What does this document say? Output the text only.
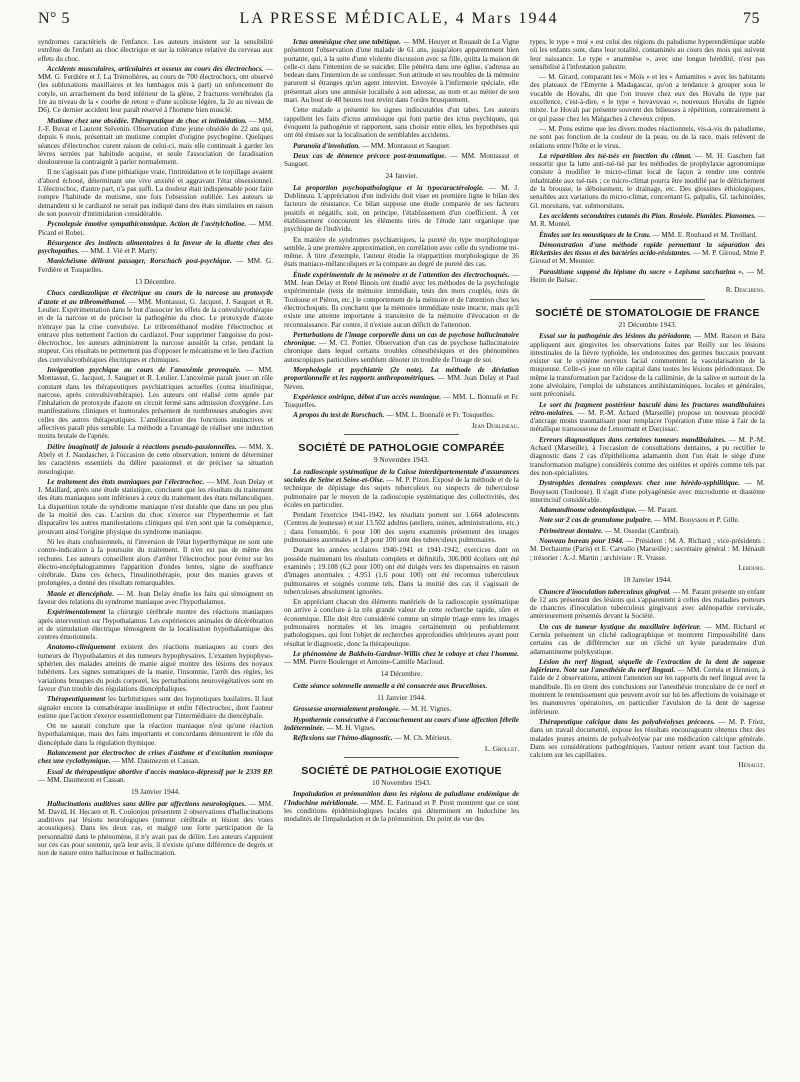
N° 5	LA PRESSE MÉDICALE, 4 Mars 1944	75

syndromes caractériels de l'enfance. Les auteurs insistent sur la sensibilité extrême de l'enfant au choc électrique et sur la tolérance relative du cerveau aux effets du choc.

Accidents musculaires, articulaires et osseux au cours des électrochocs. — MM. G. Ferdière et J. La Trémolières, au cours de 700 électrochocs, ont observé (les subluxations maxillaires et les lumbagos mis à part) un enfoncement du cotyle, un arrachement du bord inférieur de la glène, 2 fractures vertébrales (la 1re au niveau de la « courbe de retour » d'une scoliose légère, la 2e au niveau de D6). Ce dernier accident leur paraît réservé à l'homme bien musclé.

Mutisme chez une obsédée. Thérapeutique de choc et intimidation. — MM. J.-F. Buvat et Laurent Stévenin. Observation d'une jeune obsédée de 22 ans qui, depuis 6 mois, présentait un mutisme complet d'origine psychogène. Quelques séances d'électrochoc curent raison de celui-ci, mais elle continuait à garder les lèvres serrées par habitude acquise, et seule l'association de faradisation douloureuse la contraignit à parler normalement.

Il ne s'agissait pas d'une pithiatique vraie, l'intimidation et le torpillage avaient d'abord échoué, déterminant une vive anxiété et aggravant l'état obsessionnel. L'électrochoc, d'autre part, n'a pas suffi. La douleur était indispensable pour faire rompre l'habitude de mutisme, une fois l'obsession oubliée. Les auteurs se demandent si le cardiazol ne serait pas indiqué dans des états similaires en raison de son pouvoir d'intimidation considérable.

Pycnolepsie émotive sympathicotonique. Action de l'acétylcholine. — MM. Picard et Robet.

Résurgence des instincts alimentaires à la faveur de la disette chez des psychopathes. — MM. J. Vié et P. Marty.

Manichéisme délirant passager, Rorschach post-psychique. — MM. G. Ferdière et Tosquelles.

13 Décembre.

Chocs cardiazolique et électrique au cours de la narcose au protoxyde d'azote et au tribrométhanol. — MM. Montassut, G. Jacquot, J. Sauguet et R. Leulier. Expérimentation dans le but d'associer les effets de la convulsivothérapie et de la narcose et de préciser la pathogénie du choc. Le protoxyde d'azote n'enraye pas la crise convulsive. Le tribrométhanol modère l'électrochoc et entrave plus nettement l'action du cardiazol. Pour supprimer l'angoisse du post-électrochoc, les auteurs administrent la narcose aussitôt la crise, pendant la stupeur. Ces résultats ne permettent pas d'opposer le mécanisme et le lieu d'action des convulsivothérapies électriques et chimiques.

Invigoration psychique au cours de l'anoxémie provoquée. — MM. Montassut, G. Jacquot, J. Sauguet et R. Leulier. L'anoxémie paraît jouer un rôle constant dans les thérapeutiques psychiatriques actuelles (coma insulinique, narcose, après convulsivothérapie). Les auteurs ont réalisé cette apnée par l'inhalation de protoxyde d'azote en circuit fermé sans admission d'oxygène. Les manifestations cliniques et humorales présentent de nombreuses analogies avec celles des autres thérapeutiques. L'amélioration des fonctions instinctives et affectives paraît plus sensible. La méthode a l'avantage de réaliser une induction moins brutale de l'apnée.

Délire imaginatif de jalousie à réactions pseudo-passionnelles. — MM. X. Abely et J. Naudascher, à l'occasion de cette observation, tentent de déterminer les caractères essentiels du délire passionnel et de préciser sa situation nosologique.

Le traitement des états maniaques par l'électrochoc. — MM. Jean Delay et J. Maillard, après une étude statistique, concluent que les résultats du traitement des états maniaques sont inférieurs à ceux du traitement des états mélancoliques. La disparition totale du syndrome maniaque n'est durable que dans un peu plus de la moitié des cas. L'action du choc s'exerce sur l'hyperthermie et fait disparaître les autres manifestations cliniques qui n'en sont que la conséquence, prouvant ainsi l'origine physique du syndrome maniaque.

Ni les états confusionnels, ni l'inversion de l'état hyperthymique ne sont une contre-indication à la poursuite du traitement. Il n'en est pas de même des rechutes. Les auteurs conseillent alors d'arrêter l'électrochoc pour éviter sur les électro-encéphalogrammes l'apparition d'ondes lentes, signe de souffrance cérébrale. Dans ces échecs, l'insulinothérapie, pour des manies graves et prolongées, a donné des résultats remarquables.

Manie et diencéphale. — M. Jean Delay étudie les faits qui témoignent en faveur des relations du syndrome maniaque avec l'hypothalamus.

Expérimentalement la chirurgie cérébrale montre des réactions maniaques après intervention sur l'hypothalamus. Les expériences animales de décérébration et de stimulation électrique témoignent de la localisation hypothalamique des centres émotionnels.

Anatomo-cliniquement existent des réactions maniaques au cours des tumeurs de l'hypothalamus et des tumeurs hypophysaires. L'examen hypophyso-sphérien des malades atteints de manie aiguë montre des lésions des noyaux tubériens. Les signes somatiques de la manie, l'insomnie, l'arrêt des règles, les variations brusques du poids corporel, les perturbations neurovégétatives sont en faveur d'un trouble des régulations diencéphaliques.

Thérapeutiquement les barbituriques sont des hypnotiques basilaires. Il faut signaler encore la comathérapie insulinique et enfin l'électrochoc, dont l'auteur estime que l'action s'exerce essentiellement par l'intermédiaire du diencéphale.

On ne saurait conclure que la réaction maniaque n'est qu'une réaction hypothalamique, mais des faits importants et concordants démontrent le rôle du diencéphale dans la régulation thymique.

Balancement par électrochoc de crises d'asthme et d'excitation maniaque chez une cyclothymique. — MM. Daumezon et Cassan.

Essai de thérapeutique abortive d'accès maniaco-dépressif par le 2339 RP. — MM. Daumezon et Cassan.

19 Janvier 1944.

Hallucinations auditives sans délire par affections neurologiques. — MM. M. David, H. Hecaen et R. Coulonjou présentent 2 observations d'hallucinations auditives par lésions neurologiques (tumeur cérébrale et lésion des voies acoustiques). Dans les deux cas, et malgré une forte participation de la personnalité dans le phénomène, il n'y avait pas de délire. Les auteurs s'appuient sur ces cas pour soutenir, qu'à leur avis, il n'existe qu'une différence de degrés et non de nature entre hallucinose et hallucination.

Ictus amnésique chez une tabétique. — MM. Heuyer et Rouault de La Vigne présentent l'observation d'une malade de 61 ans, jusqu'alors apparemment bien portante, qui, à la suite d'une violente discussion avec sa fille, quitta la maison de celle-ci dans l'intention de se suicider. Elle pénétra dans une église, s'adressa au bedeau dans l'intention de se confesser. Son attitude et ses troubles de la mémoire parurent si étranges qu'un agent intervint. Envoyée à l'infirmerie spéciale, elle présentait alors une amnésie localisée à son adresse, au nom et au métier de son mari. Au bout de 48 heures tout revint dans l'ordre brusquement.

Cette malade a présenté les signes indiscutables d'un tabes. Les auteurs rappellent les faits d'ictus amnésique qui font partie des ictus psychiques, qui évoquent la pathogénie et rapportent, sans choisir entre elles, les hypothèses qui ont été émises sur la localisation de semblables accidents.

Paranoïa d'involution. — MM. Montassut et Sauguet.

Deux cas de démence précoce post-traumatique. — MM. Montassut et Sauguet.

24 Janvier.

La proportion psychopathologique et la typocaractérologie. — M. J. Dublineau. L'appréciation d'un individu doit viser en première ligne le bilan des facteurs de résistance. Ce bilan suppose une étude comparée de ses facteurs positifs et négatifs, soit, en principe, l'établissement d'un coefficient. À cet établissement concourent les éléments tirés de l'étude tant organique que psychique de l'individu.

En matière de syndromes psychiatriques, la pureté du type morphologique semble, à une première approximation, en corrélation avec celle du syndrome mi-même. À titre d'exemple, l'auteur étudie la réapparition morphologique de 36 états maniaco-mélancoliques et la compare au degré de pureté des cas.

Étude expérimentale de la mémoire et de l'attention des électrochoqués. — MM. Jean Delay et René Binois ont étudié avec les méthodes de la psychologie expérimentale (tests de mémoire immédiate, tests des mots couplés, tests de Toulouse et Piéron, etc.) le comportement de la mémoire et de l'attention chez les électrochoqués. Ils concluent que la mémoire immédiate reste intacte, mais qu'il existe une atteinte importante à transitoire de la mémoire d'évocation et de reconnaissance. Par contre, il n'existe aucun déficit de l'attention.

Perturbations de l'image corporelle dans un cas de psychose hallucinatoire chronique. — M. Cl. Pottier. Observation d'un cas de psychose hallucinatoire chronique dans lequel certains troubles cénesthésiques et des phénomènes autoscopiques particuliers semblent dénoter un trouble de l'image de soi.

Morphologie et psychiatrie (2e note). La méthode de déviation proportionnelle et les rapports anthropométriques. — MM. Jean Delay et Paul Neveu.

Expérience onirique, début d'un accès maniaque. — MM. L. Bonnafé et Fr. Tosquelles.

A propos du test de Rorschach. — MM. L. Bonnafé et Fr. Tosquelles.

Jean Dublineau.
SOCIÉTÉ DE PATHOLOGIE COMPARÉE
9 Novembre 1943.

La radioscopie systématique de la Caisse interdépartementale d'assurances sociales de Seine et Seine-et-Oise. — M. P. Pizon. Exposé de la méthode et de la technique de dépistage des sujets tuberculeux ou suspects de tuberculose pulmonaire par le moyen de la radioscopie systématique des collectivités, des écoles en particulier.

Pendant l'exercice 1941-1942, les résultats portent sur 1.664 adolescents (Centres de jeunesse) et sur 13.502 adultes (ateliers, usines, administrations, etc.) ; dans l'ensemble, 6 pour 100 des sujets examinés présentent des images pulmonaires anormales et 1,8 pour 100 sont des tuberculeux pulmonaires.

Durant les années scolaires 1940-1941 et 1941-1942, exercices dont on possède maintenant les résultats complets et définitifs, 306.000 écoliers ont été examinés ; 19.108 (6,2 pour 100) ont été dirigés vers les dispensaires en raison d'images anormales ; 4.951 (1,6 pour 100) ont été reconnus tuberculeux pulmonaires et soignés comme tels. Dans la moitié des cas il s'agissait de tuberculoses absolument ignorées.

En appréciant chacun des éléments matériels de la radioscopie systématique on arrive à conclure à la très grande valeur de cette recherche rapide, sûre et économique. Elle doit être considérée comme un simple triage entre les images pulmonaires normales et les images certainement ou probablement pathologiques, qui font l'objet de recherches approfondies ultérieures ayant pour résultat le diagnostic, donc la thérapeutique.

Le phénomène de Baldwin-Gardner-Willis chez le cobaye et chez l'homme. — MM. Pierre Boulenger et Antoine-Camille Macloud.

14 Décembre.

Cette séance solennelle annuelle a été consacrée aux Brucelloses.

11 Janvier 1944.

Grossesse anormalement prolongée. — M. H. Vignes.

Hypothermie consécutive à l'accouchement au cours d'une affection fébrile indéterminée. — M. H. Vignes.

Réflexions sur l'hémo-diagnostic. — M. Ch. Mérieux.

L. Grollet.
SOCIÉTÉ DE PATHOLOGIE EXOTIQUE
10 Novembre 1943.

Impaludation et prémunition dans les régions de paludisme endémique de l'Indochine méridionale. — MM. E. Farinaud et P. Prost montrent que ce sont les conditions épidémiologiques locales qui déterminent en Indochine les modalités de l'impaludation et de la prémunition. Du point de vue des

types, le type « moi » est celui des régions du paludisme hyperendémique stable où les enfants sont, dans leur totalité, contaminés au cours des mois qui suivent leur naissance. Le type « anamnèse », avec une longue hérédité, n'est pas sensibilisé à l'infestation palustre.

— M. Girard, comparant les « Moïs » et les « Annamites » avec les habitants des plateaux de l'Emyrne à Madagascar, qu'on a tendance à grouper sous le vocable de Hovahs, dit que l'on trouve chez eux des Hovahs de type par excellence, c'est-à-dire, « le type « hovavovao », nouveaux Hovahs de lignée mixte. Le Hovah par présente souvent des bilieuses à répétition, contrairement à ce qui passe chez les Malgaches à cheveux crépus.

— M. Pons estime que les divers modes réactionnels, vis-à-vis du paludisme, ne sont pas fonction de la couleur de la peau, ou de la race, mais relèvent de relations entre l'hôte et le virus.

La répartition des tsé-tsés en fonction du climat. — M. H. Gaschen fait ressortir que la lutte anti-tsé-tsé par les méthodes de prophylaxie agronomique consiste à modifier le micro-climat local de façon à rendre une contrée inhabitable aux tsé-tsés ; ce micro-climat pourra être modifié par le défrichement de la brousse, le déboisement, le drainage, etc. Des glossines éthiologiques, sensibles aux variations du micro-climat, concernant G. palpalis, Gl. tachinoïdes, Gl. morsitans, var. submorsitans.

Les accidents secondaires cutanés du Pian. Roséole. Pianides. Pianomes. — M. R. Montel.

Études sur les moustiques de la Crau. — MM. E. Roubaud et M. Treillard.

Démonstration d'une méthode rapide permettant la séparation des Rickettsies des tissus et des bactéries acido-résistantes. — M. P. Giroud, Mme P. Giroud et M. Meunier.

Parasitisme supposé du lépisme du sucre « Lepisma saccharina ». — M. Heim de Balsac.

R. Deschiens.
SOCIÉTÉ DE STOMATOLOGIE DE FRANCE
21 Décembre 1943.

Essai sur la pathogénie des lésions du périodonte. — MM. Raison et Bara appliquent aux gingivites les observations faites par Reilly sur les lésions intestinales de la fièvre typhoïde, les endotoxines des germes buccaux pouvant exister sur le système nerveux facial commentent la vascularisation de la muqueuse. Celle-ci joue un rôle capital dans toutes les lésions périodontaux. De même la transformation par l'acidose de la calliminie, de la salive et surtout de la zone alvéolaire, l'emploi de substances antihistaminiques, locales et générales, sont préconisés.

Le sort du fragment postérieur basculé dans les fractures mandibulaires rétro-molaires. — M. P.-M. Achard (Marseille) propose un nouveau procédé d'ancrage moins traumatisant pour remplacer l'opération d'une mise à l'air de la métallique transosseuse de Lenormant et Darcissac.

Erreurs diagnostiques dans certaines tumeurs mandibulaires. — M. P.-M. Achard (Marseille), à l'occasion de consultations dentaires, a pu rectifier le diagnostic dans 2 cas d'épithélioma adamantin dont l'un était le siège d'une transformation maligne) considérés comme des ostéites et opérés comme tels par des non-spécialistes.

Dystrophies dentaires complexes chez une hérédo-syphilitique. — M. Bouysson (Toulouse). Il s'agit d'une polyagénésie avec microdontie et diastème interincisif considérable.

Adamandinome odontoplastique. — M. Parant.

Note sur 2 cas de granulome pulpaire. — MM. Bouyssou et P. Gille.

Périmétreur dentaire. — M. Ossedat (Cambrai).

Nouveau bureau pour 1944. — Président : M. A. Richard ; vice-présidents : M. Dechaume (Paris) et E. Carvallo (Marseille) ; secrétaire général : M. Hénault ; trésorier : A.-J. Martin ; archiviste : R. Vrasse.

Lebourg.
18 Janvier 1944.

Chancre d'inoculation tuberculeux gingival. — M. Parant présente un enfant de 12 ans présentant des lésions qui s'apparentent à celles des maladies porteurs de chancres d'inoculation tuberculeux gingivaux avec adénopathie cervicale, antérieurement présentés devant la Société.

Un cas de tumeur kystique du maxillaire inférieur. — MM. Richard et Cernéa présentent un cliché radiographique et montrent l'impossibilité dans certains cas de différencier sur un cliché un kyste paradentaire d'un adamantinome polykystique.

Lésion du nerf lingual, séquelle de l'extraction de la dent de sagesse inférieure. Note sur l'anesthésie du nerf lingual. — MM. Cernéa et Hennion, à l'aide de 2 observations, attirent l'attention sur les rapports du nerf lingual avec la mandibule. Ils en tirent des conclusions sur l'anesthésie tronculaire de ce nerf et montrent le retentissement que peuvent avoir sur lui les affections de voisinage et les manœuvres opératoires, en particulier l'avulsion de la dent de sagesse inférieure.

Thérapeutique calcique dans les polyalvéolyses précoces. — M. P. Friez, dans un travail documenté, expose les résultats encourageants obtenus chez des malades jeunes atteints de polyalvéolyse par une médication calcique générale. Dans ses considérations pathogéniques, l'auteur retient avant tout l'action du calcium sur les capillaires.

Hénault.
